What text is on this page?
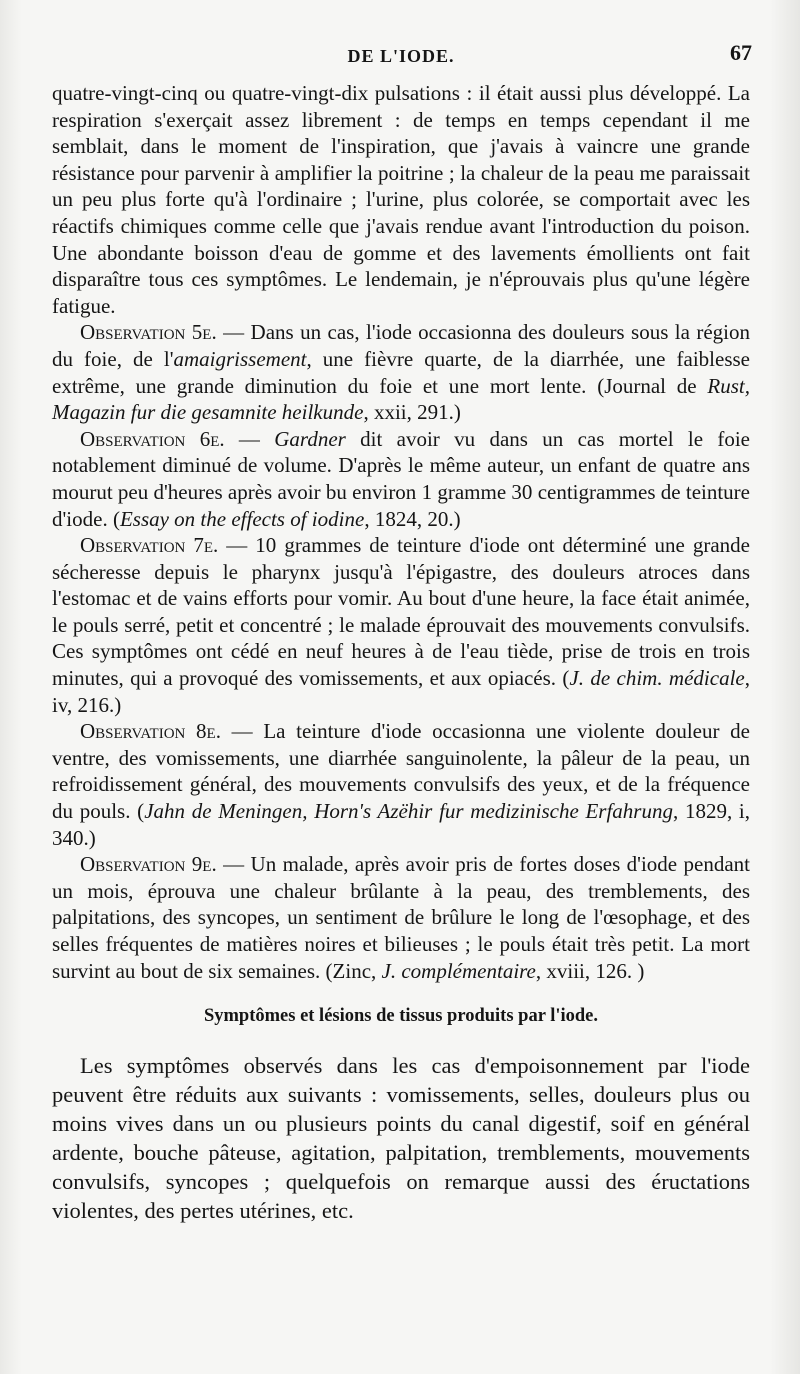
DE L'IODE.	67

quatre-vingt-cinq ou quatre-vingt-dix pulsations : il était aussi plus développé. La respiration s'exerçait assez librement : de temps en temps cependant il me semblait, dans le moment de l'inspiration, que j'avais à vaincre une grande résistance pour parvenir à amplifier la poitrine ; la chaleur de la peau me paraissait un peu plus forte qu'à l'ordinaire ; l'urine, plus colorée, se comportait avec les réactifs chimiques comme celle que j'avais rendue avant l'introduction du poison. Une abondante boisson d'eau de gomme et des lavements émollients ont fait disparaître tous ces symptômes. Le lendemain, je n'éprouvais plus qu'une légère fatigue.

Observation 5e. — Dans un cas, l'iode occasionna des douleurs sous la région du foie, de l'amaigrissement, une fièvre quarte, de la diarrhée, une faiblesse extrême, une grande diminution du foie et une mort lente. (Journal de Rust, Magazin fur die gesamnite heilkunde, xxii, 291.)

Observation 6e. — Gardner dit avoir vu dans un cas mortel le foie notablement diminué de volume. D'après le même auteur, un enfant de quatre ans mourut peu d'heures après avoir bu environ 1 gramme 30 centigrammes de teinture d'iode. (Essay on the effects of iodine, 1824, 20.)

Observation 7e. — 10 grammes de teinture d'iode ont déterminé une grande sécheresse depuis le pharynx jusqu'à l'épigastre, des douleurs atroces dans l'estomac et de vains efforts pour vomir. Au bout d'une heure, la face était animée, le pouls serré, petit et concentré ; le malade éprouvait des mouvements convulsifs. Ces symptômes ont cédé en neuf heures à de l'eau tiède, prise de trois en trois minutes, qui a provoqué des vomissements, et aux opiacés. (J. de chim. médicale, iv, 216.)

Observation 8e. — La teinture d'iode occasionna une violente douleur de ventre, des vomissements, une diarrhée sanguinolente, la pâleur de la peau, un refroidissement général, des mouvements convulsifs des yeux, et de la fréquence du pouls. (Jahn de Meningen, Horn's Azëhir fur medizinische Erfahrung, 1829, i, 340.)

Observation 9e. — Un malade, après avoir pris de fortes doses d'iode pendant un mois, éprouva une chaleur brûlante à la peau, des tremblements, des palpitations, des syncopes, un sentiment de brûlure le long de l'œsophage, et des selles fréquentes de matières noires et bilieuses ; le pouls était très petit. La mort survint au bout de six semaines. (Zinc, J. complémentaire, xviii, 126. )

Symptômes et lésions de tissus produits par l'iode.

Les symptômes observés dans les cas d'empoisonnement par l'iode peuvent être réduits aux suivants : vomissements, selles, douleurs plus ou moins vives dans un ou plusieurs points du canal digestif, soif en général ardente, bouche pâteuse, agitation, palpitation, tremblements, mouvements convulsifs, syncopes ; quelquefois on remarque aussi des éructations violentes, des pertes utérines, etc.
